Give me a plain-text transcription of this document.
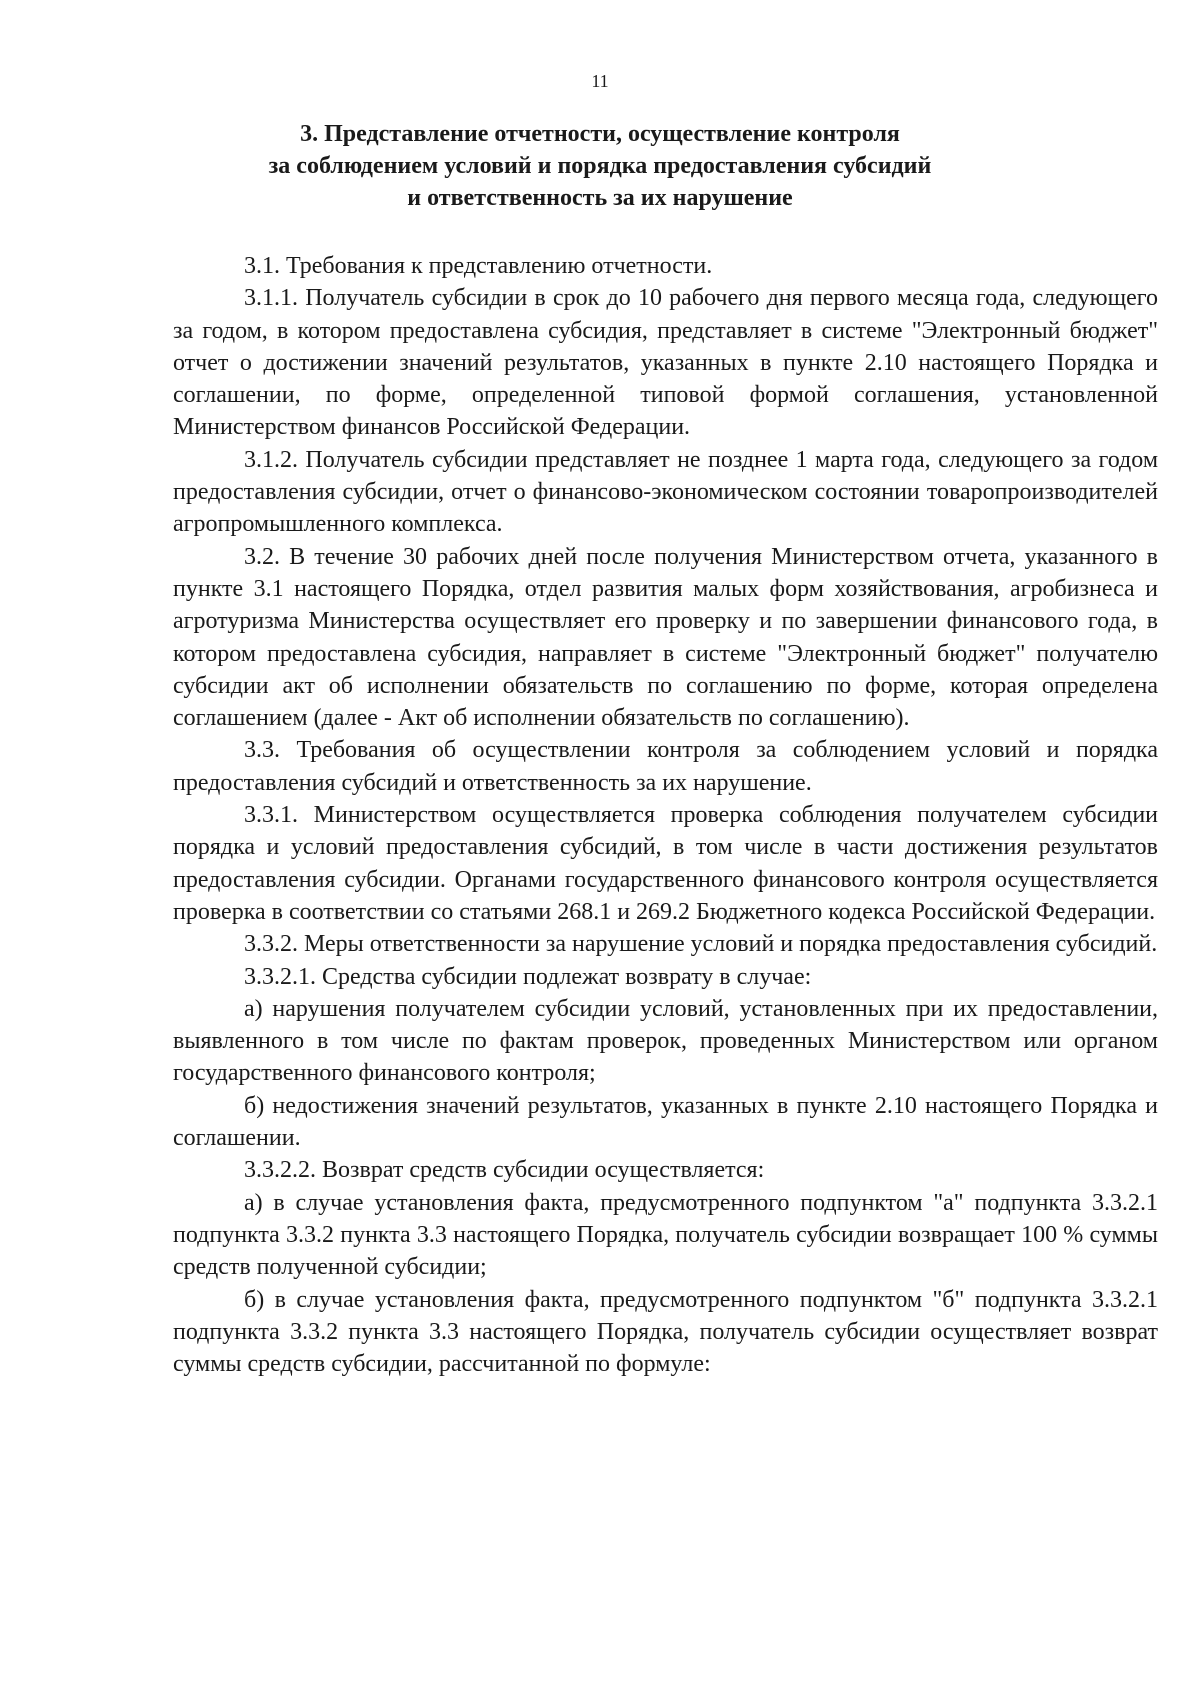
11
3. Представление отчетности, осуществление контроля
за соблюдением условий и порядка предоставления субсидий
и ответственность за их нарушение

3.1. Требования к представлению отчетности.

3.1.1. Получатель субсидии в срок до 10 рабочего дня первого месяца года, следующего за годом, в котором предоставлена субсидия, представляет в системе "Электронный бюджет" отчет о достижении значений результатов, указанных в пункте 2.10 настоящего Порядка и соглашении, по форме, определенной типовой формой соглашения, установленной Министерством финансов Российской Федерации.

3.1.2. Получатель субсидии представляет не позднее 1 марта года, следующего за годом предоставления субсидии, отчет о финансово-экономическом состоянии товаропроизводителей агропромышленного комплекса.

3.2. В течение 30 рабочих дней после получения Министерством отчета, указанного в пункте 3.1 настоящего Порядка, отдел развития малых форм хозяйствования, агробизнеса и агротуризма Министерства осуществляет его проверку и по завершении финансового года, в котором предоставлена субсидия, направляет в системе "Электронный бюджет" получателю субсидии акт об исполнении обязательств по соглашению по форме, которая определена соглашением (далее - Акт об исполнении обязательств по соглашению).

3.3. Требования об осуществлении контроля за соблюдением условий и порядка предоставления субсидий и ответственность за их нарушение.

3.3.1. Министерством осуществляется проверка соблюдения получателем субсидии порядка и условий предоставления субсидий, в том числе в части достижения результатов предоставления субсидии. Органами государственного финансового контроля осуществляется проверка в соответствии со статьями 268.1 и 269.2 Бюджетного кодекса Российской Федерации.

3.3.2. Меры ответственности за нарушение условий и порядка предоставления субсидий.

3.3.2.1. Средства субсидии подлежат возврату в случае:

а) нарушения получателем субсидии условий, установленных при их предоставлении, выявленного в том числе по фактам проверок, проведенных Министерством или органом государственного финансового контроля;

б) недостижения значений результатов, указанных в пункте 2.10 настоящего Порядка и соглашении.

3.3.2.2. Возврат средств субсидии осуществляется:

а) в случае установления факта, предусмотренного подпунктом "а" подпункта 3.3.2.1 подпункта 3.3.2 пункта 3.3 настоящего Порядка, получатель субсидии возвращает 100 % суммы средств полученной субсидии;

б) в случае установления факта, предусмотренного подпунктом "б" подпункта 3.3.2.1 подпункта 3.3.2 пункта 3.3 настоящего Порядка, получатель субсидии осуществляет возврат суммы средств субсидии, рассчитанной по формуле:
